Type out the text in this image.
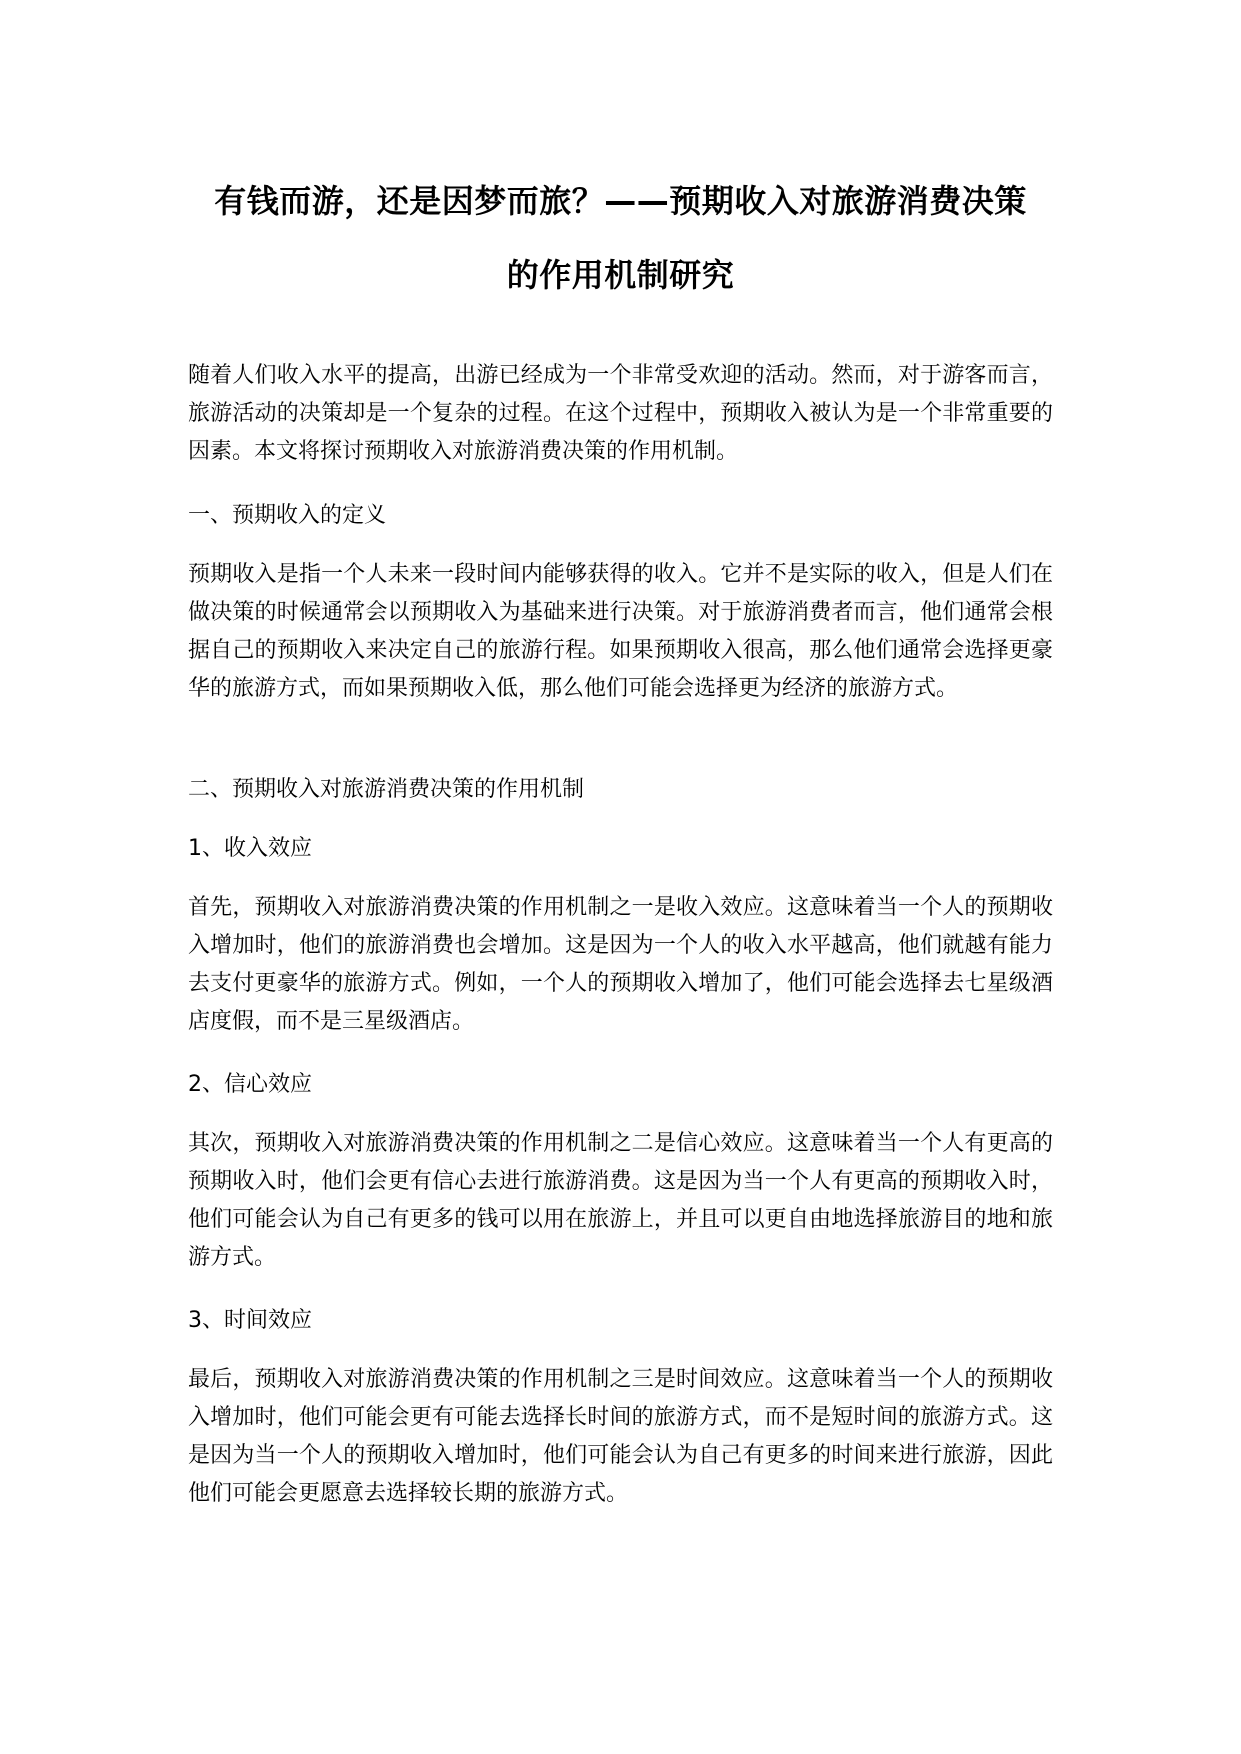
有钱而游，还是因梦而旅？——预期收入对旅游消费决策
的作用机制研究

随着人们收入水平的提高，出游已经成为一个非常受欢迎的活动。然而，对于游客而言，旅游活动的决策却是一个复杂的过程。在这个过程中，预期收入被认为是一个非常重要的因素。本文将探讨预期收入对旅游消费决策的作用机制。

一、预期收入的定义

预期收入是指一个人未来一段时间内能够获得的收入。它并不是实际的收入，但是人们在做决策的时候通常会以预期收入为基础来进行决策。对于旅游消费者而言，他们通常会根据自己的预期收入来决定自己的旅游行程。如果预期收入很高，那么他们通常会选择更豪华的旅游方式，而如果预期收入低，那么他们可能会选择更为经济的旅游方式。

二、预期收入对旅游消费决策的作用机制

1、收入效应

首先，预期收入对旅游消费决策的作用机制之一是收入效应。这意味着当一个人的预期收入增加时，他们的旅游消费也会增加。这是因为一个人的收入水平越高，他们就越有能力去支付更豪华的旅游方式。例如，一个人的预期收入增加了，他们可能会选择去七星级酒店度假，而不是三星级酒店。

2、信心效应

其次，预期收入对旅游消费决策的作用机制之二是信心效应。这意味着当一个人有更高的预期收入时，他们会更有信心去进行旅游消费。这是因为当一个人有更高的预期收入时，他们可能会认为自己有更多的钱可以用在旅游上，并且可以更自由地选择旅游目的地和旅游方式。

3、时间效应

最后，预期收入对旅游消费决策的作用机制之三是时间效应。这意味着当一个人的预期收入增加时，他们可能会更有可能去选择长时间的旅游方式，而不是短时间的旅游方式。这是因为当一个人的预期收入增加时，他们可能会认为自己有更多的时间来进行旅游，因此他们可能会更愿意去选择较长期的旅游方式。
